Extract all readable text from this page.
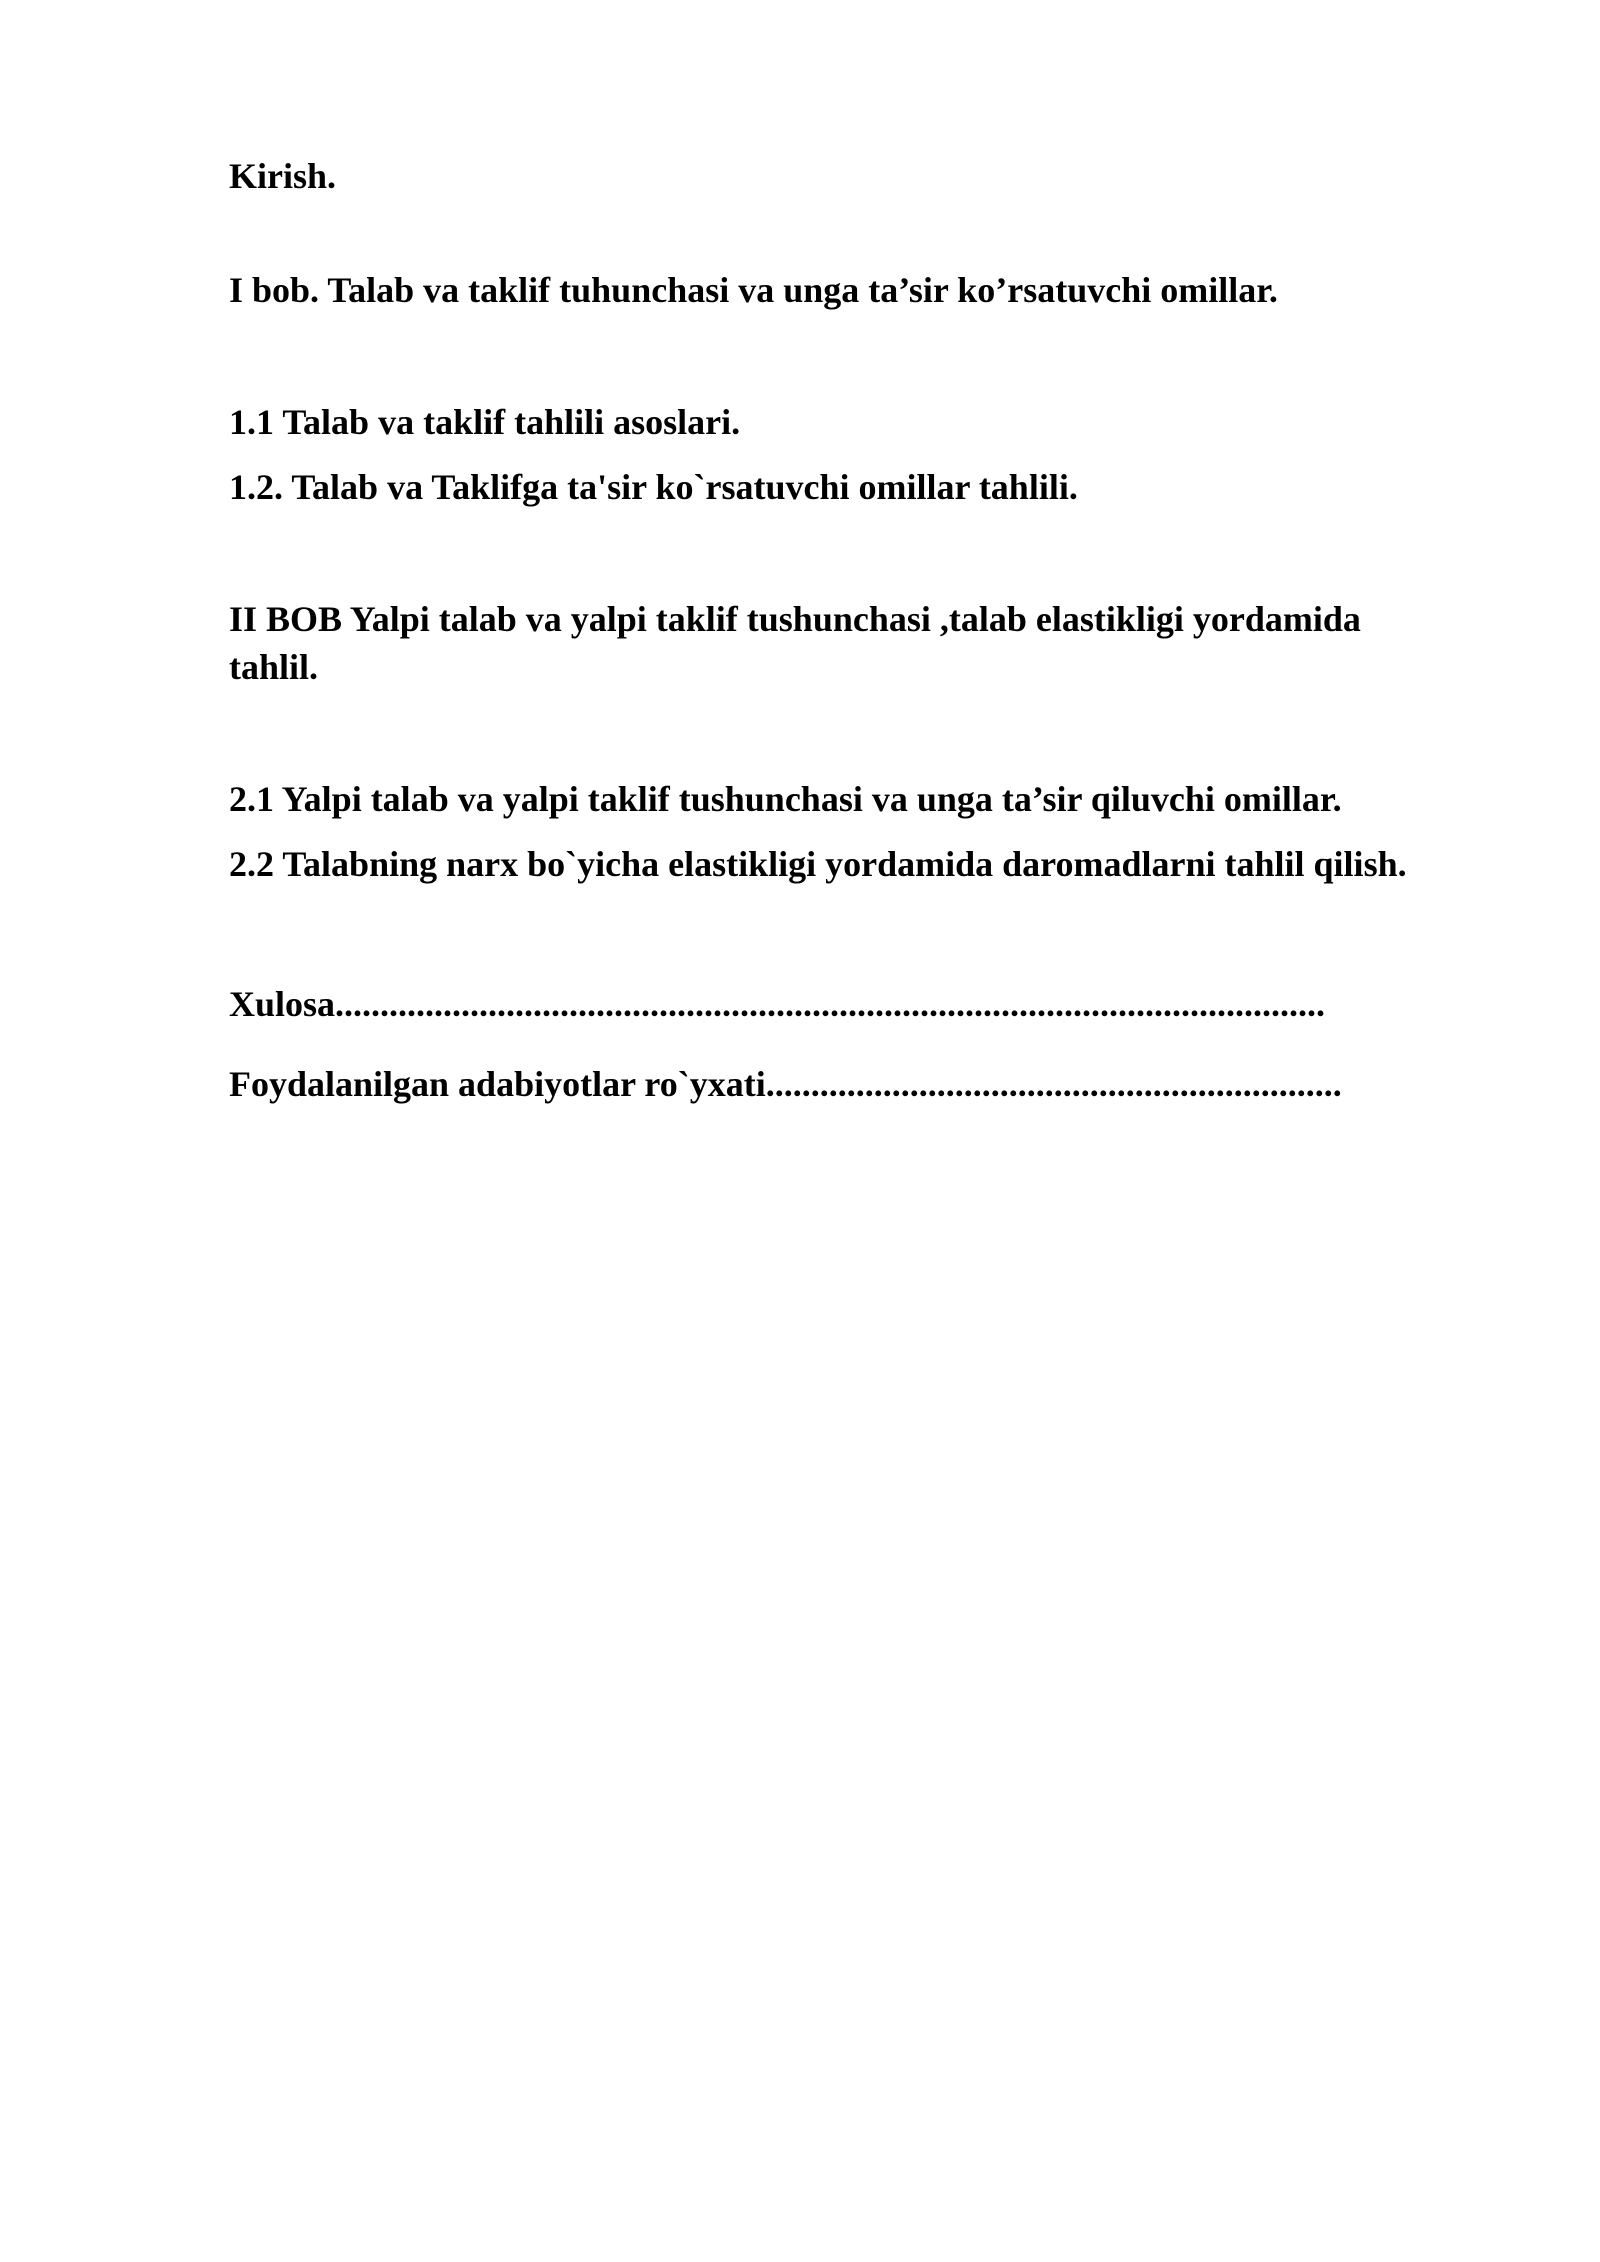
Kirish.

I bob. Talab va taklif tuhunchasi va unga ta’sir ko’rsatuvchi omillar.

1.1 Talab va taklif tahlili asoslari.

1.2. Talab va Taklifga ta'sir ko`rsatuvchi omillar tahlili.

II BOB Yalpi talab va yalpi taklif tushunchasi ,talab elastikligi yordamida tahlil.

2.1 Yalpi talab va yalpi taklif tushunchasi va unga ta’sir qiluvchi omillar.

2.2 Talabning narx bo`yicha elastikligi yordamida daromadlarni tahlil qilish.

Xulosa..............................................................................................................

Foydalanilgan adabiyotlar ro`yxati................................................................
